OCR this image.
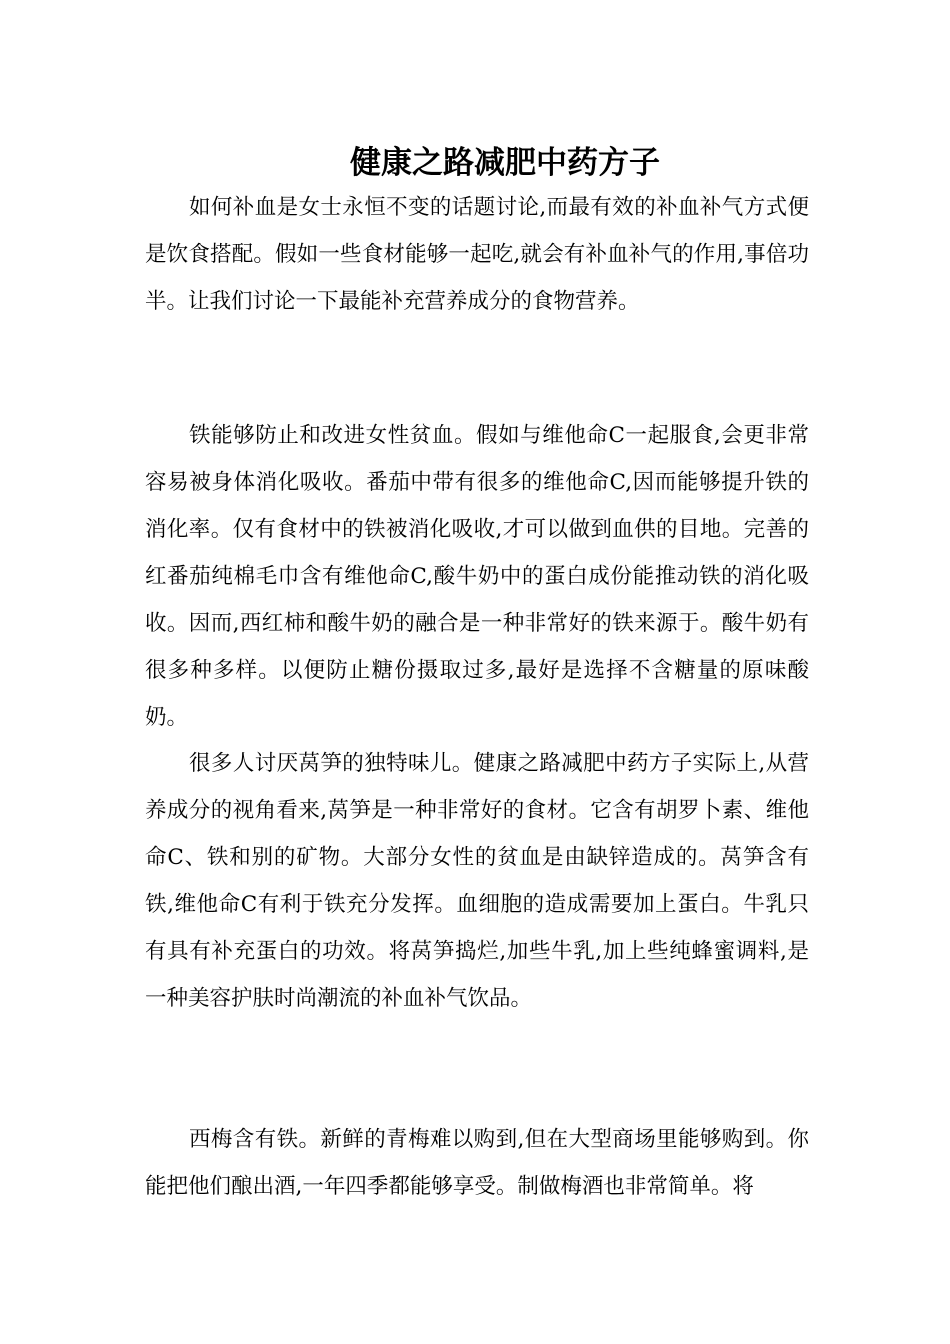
健康之路减肥中药方子

如何补血是女士永恒不变的话题讨论,而最有效的补血补气方式便是饮食搭配。假如一些食材能够一起吃,就会有补血补气的作用,事倍功半。让我们讨论一下最能补充营养成分的食物营养。

铁能够防止和改进女性贫血。假如与维他命C一起服食,会更非常容易被身体消化吸收。番茄中带有很多的维他命C,因而能够提升铁的消化率。仅有食材中的铁被消化吸收,才可以做到血供的目地。完善的红番茄纯棉毛巾含有维他命C,酸牛奶中的蛋白成份能推动铁的消化吸收。因而,西红柿和酸牛奶的融合是一种非常好的铁来源于。酸牛奶有很多种多样。以便防止糖份摄取过多,最好是选择不含糖量的原味酸奶。

很多人讨厌莴笋的独特味儿。健康之路减肥中药方子实际上,从营养成分的视角看来,莴笋是一种非常好的食材。它含有胡罗卜素、维他命C、铁和别的矿物。大部分女性的贫血是由缺锌造成的。莴笋含有铁,维他命C有利于铁充分发挥。血细胞的造成需要加上蛋白。牛乳只有具有补充蛋白的功效。将莴笋捣烂,加些牛乳,加上些纯蜂蜜调料,是一种美容护肤时尚潮流的补血补气饮品。

西梅含有铁。新鲜的青梅难以购到,但在大型商场里能够购到。你能把他们酿出酒,一年四季都能够享受。制做梅酒也非常简单。将
